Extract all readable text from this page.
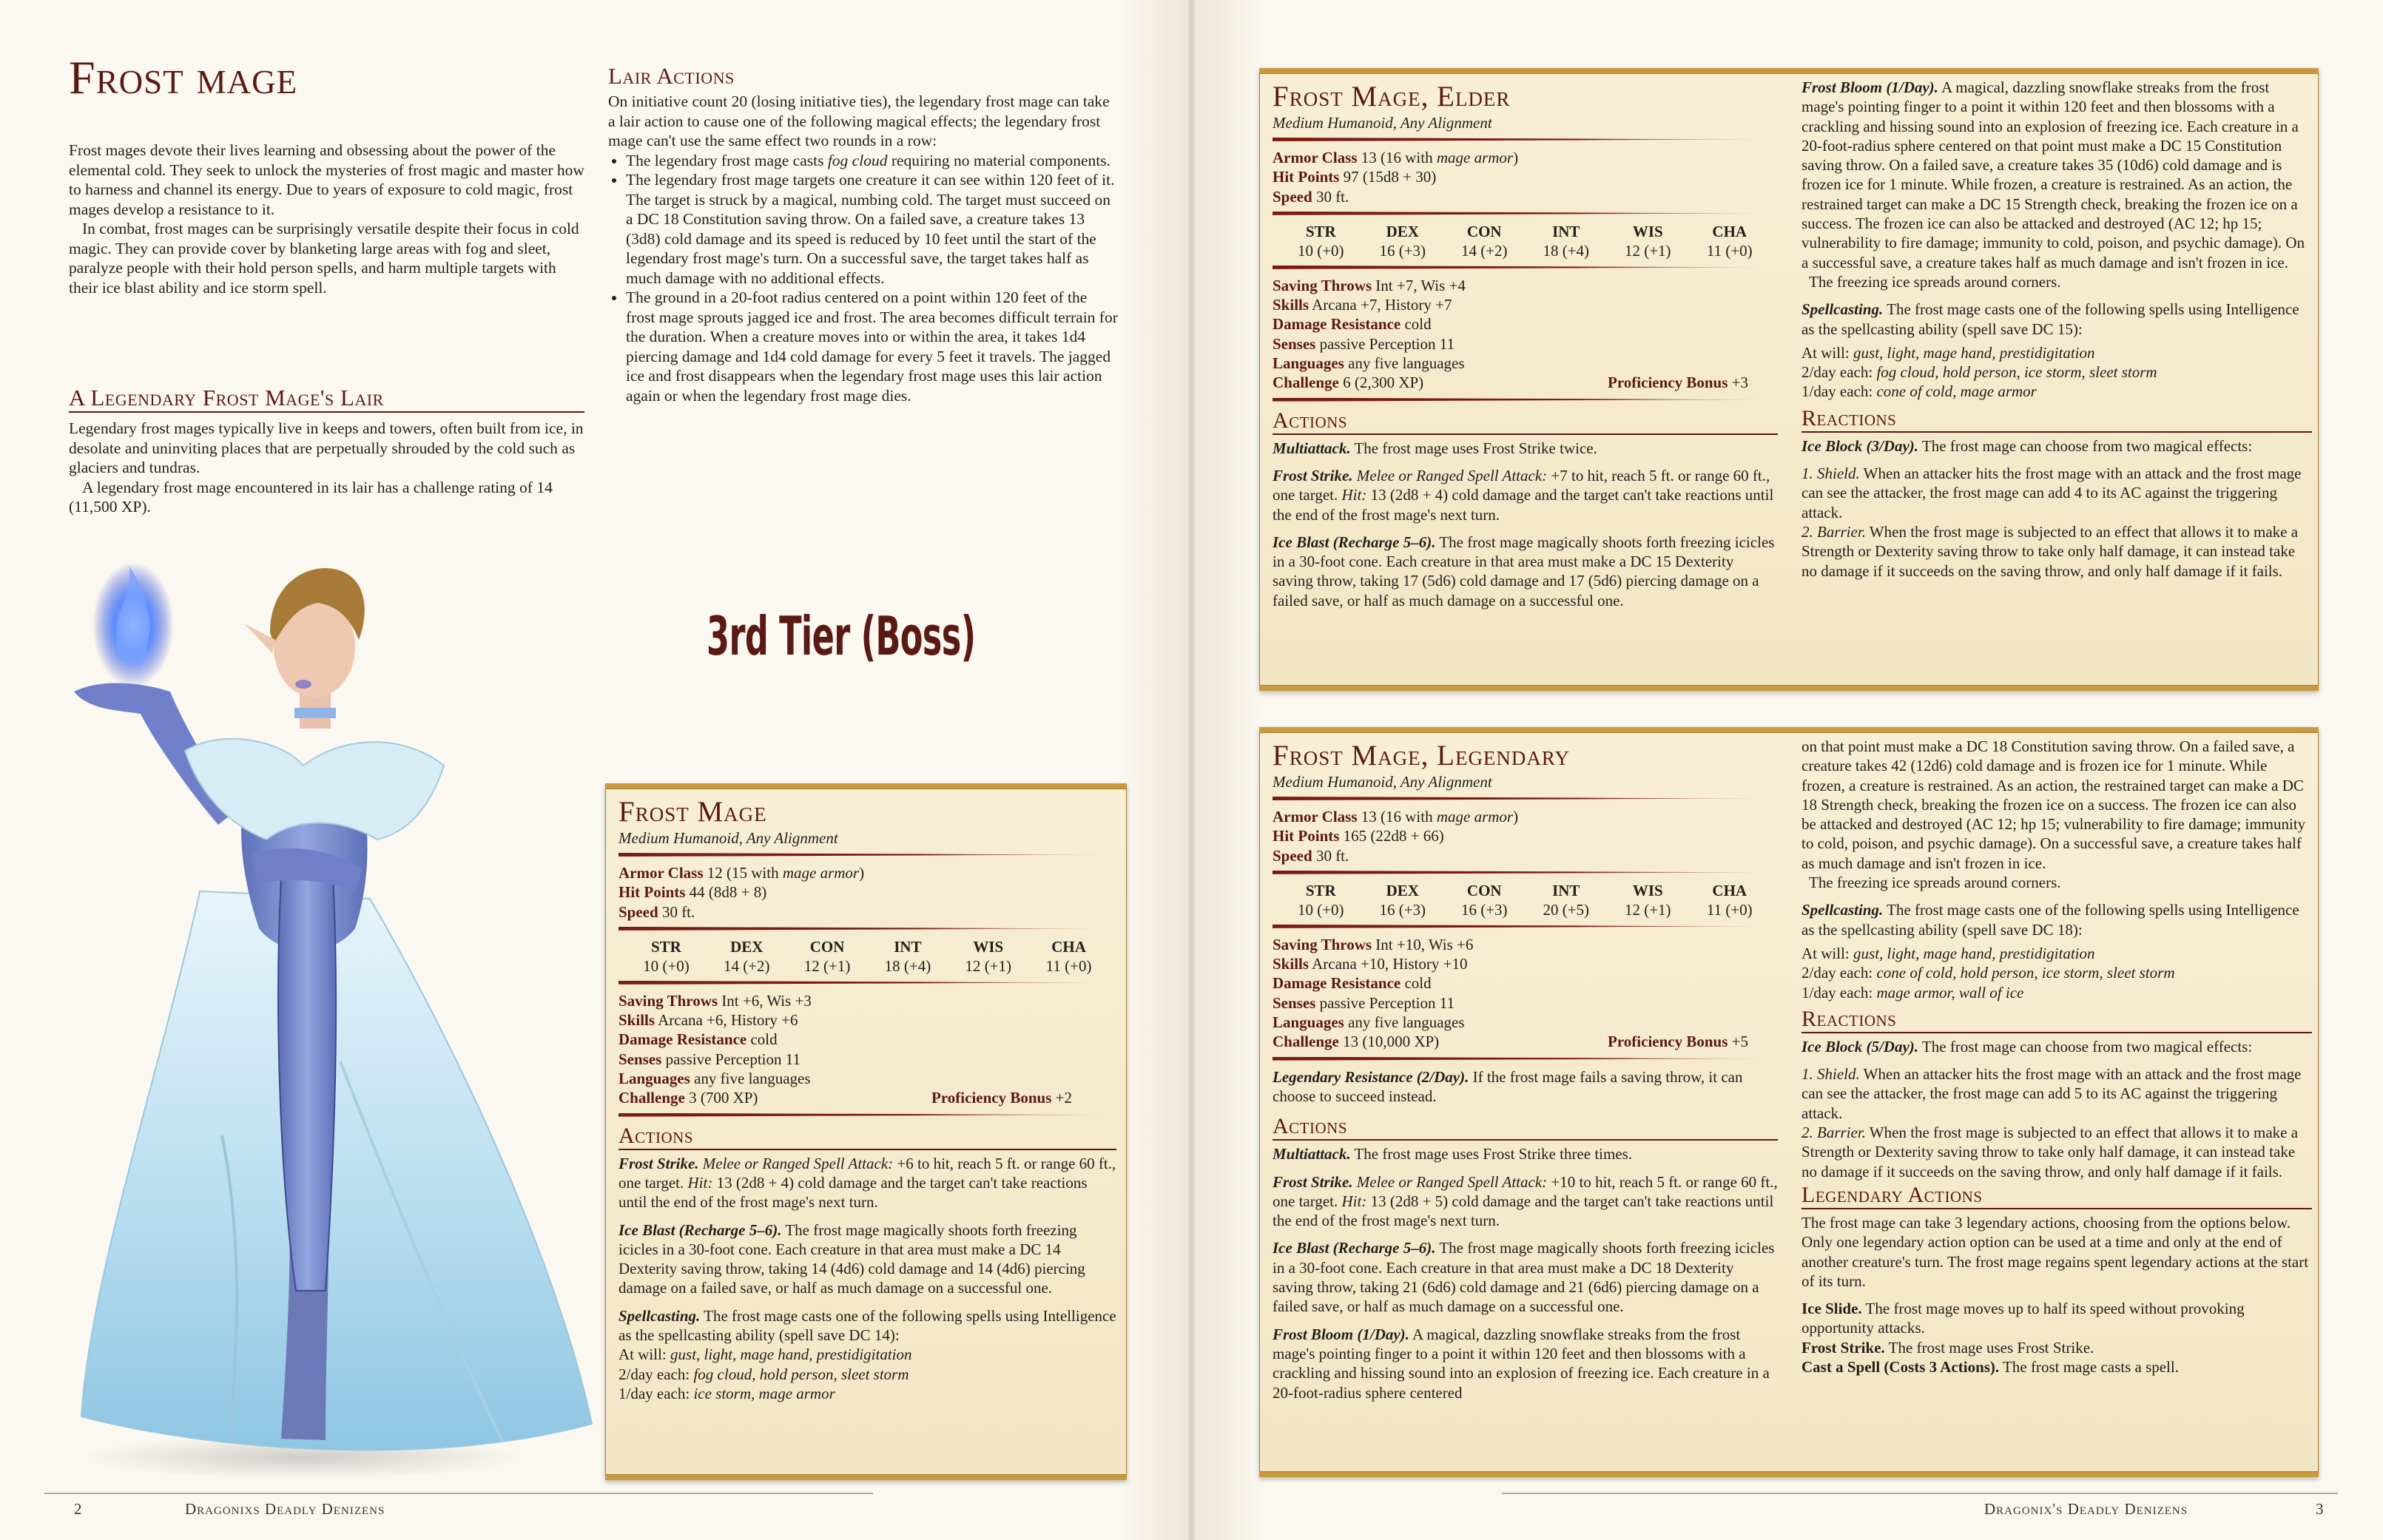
Frost mage

Frost mages devote their lives learning and obsessing about the power of the elemental cold. They seek to unlock the mysteries of frost magic and master how to harness and channel its energy. Due to years of exposure to cold magic, frost mages develop a resistance to it.

In combat, frost mages can be surprisingly versatile despite their focus in cold magic. They can provide cover by blanketing large areas with fog and sleet, paralyze people with their hold person spells, and harm multiple targets with their ice blast ability and ice storm spell.

A Legendary Frost Mage's Lair

Legendary frost mages typically live in keeps and towers, often built from ice, in desolate and uninviting places that are perpetually shrouded by the cold such as glaciers and tundras.

A legendary frost mage encountered in its lair has a challenge rating of 14 (11,500 XP).

Lair Actions

On initiative count 20 (losing initiative ties), the legendary frost mage can take a lair action to cause one of the following magical effects; the legendary frost mage can't use the same effect two rounds in a row:

• The legendary frost mage casts fog cloud requiring no material components.
• The legendary frost mage targets one creature it can see within 120 feet of it. The target is struck by a magical, numbing cold. The target must succeed on a DC 18 Constitution saving throw. On a failed save, a creature takes 13 (3d8) cold damage and its speed is reduced by 10 feet until the start of the legendary frost mage's turn. On a successful save, the target takes half as much damage with no additional effects.
• The ground in a 20-foot radius centered on a point within 120 feet of the frost mage sprouts jagged ice and frost. The area becomes difficult terrain for the duration. When a creature moves into or within the area, it takes 1d4 piercing damage and 1d4 cold damage for every 5 feet it travels. The jagged ice and frost disappears when the legendary frost mage uses this lair action again or when the legendary frost mage dies.
3rd Tier (Boss)
Frost Mage
Medium Humanoid, Any Alignment

Armor Class 12 (15 with mage armor)

Hit Points 44 (8d8 + 8)

Speed 30 ft.

STR	DEX	CON	INT	WIS	CHA
10 (+0)	14 (+2)	12 (+1)	18 (+4)	12 (+1)	11 (+0)

Saving Throws Int +6, Wis +3

Skills Arcana +6, History +6

Damage Resistance cold

Senses passive Perception 11

Languages any five languages

Challenge 3 (700 XP)	Proficiency Bonus +2
Actions

Frost Strike. Melee or Ranged Spell Attack: +6 to hit, reach 5 ft. or range 60 ft., one target. Hit: 13 (2d8 + 4) cold damage and the target can't take reactions until the end of the frost mage's next turn.

Ice Blast (Recharge 5–6). The frost mage magically shoots forth freezing icicles in a 30-foot cone. Each creature in that area must make a DC 14 Dexterity saving throw, taking 14 (4d6) cold damage and 14 (4d6) piercing damage on a failed save, or half as much damage on a successful one.

Spellcasting. The frost mage casts one of the following spells using Intelligence as the spellcasting ability (spell save DC 14):

At will: gust, light, mage hand, prestidigitation

2/day each: fog cloud, hold person, sleet storm

1/day each: ice storm, mage armor

2	Dragonixs Deadly Denizens
Frost Mage, Elder
Medium Humanoid, Any Alignment

Armor Class 13 (16 with mage armor)

Hit Points 97 (15d8 + 30)

Speed 30 ft.

STR	DEX	CON	INT	WIS	CHA
10 (+0)	16 (+3)	14 (+2)	18 (+4)	12 (+1)	11 (+0)

Saving Throws Int +7, Wis +4

Skills Arcana +7, History +7

Damage Resistance cold

Senses passive Perception 11

Languages any five languages

Challenge 6 (2,300 XP)	Proficiency Bonus +3
Actions

Multiattack. The frost mage uses Frost Strike twice.

Frost Strike. Melee or Ranged Spell Attack: +7 to hit, reach 5 ft. or range 60 ft., one target. Hit: 13 (2d8 + 4) cold damage and the target can't take reactions until the end of the frost mage's next turn.

Ice Blast (Recharge 5–6). The frost mage magically shoots forth freezing icicles in a 30-foot cone. Each creature in that area must make a DC 15 Dexterity saving throw, taking 17 (5d6) cold damage and 17 (5d6) piercing damage on a failed save, or half as much damage on a successful one.

Frost Bloom (1/Day). A magical, dazzling snowflake streaks from the frost mage's pointing finger to a point it within 120 feet and then blossoms with a crackling and hissing sound into an explosion of freezing ice. Each creature in a 20-foot-radius sphere centered on that point must make a DC 15 Constitution saving throw. On a failed save, a creature takes 35 (10d6) cold damage and is frozen ice for 1 minute. While frozen, a creature is restrained. As an action, the restrained target can make a DC 15 Strength check, breaking the frozen ice on a success. The frozen ice can also be attacked and destroyed (AC 12; hp 15; vulnerability to fire damage; immunity to cold, poison, and psychic damage). On a successful save, a creature takes half as much damage and isn't frozen in ice.

The freezing ice spreads around corners.

Spellcasting. The frost mage casts one of the following spells using Intelligence as the spellcasting ability (spell save DC 15):

At will: gust, light, mage hand, prestidigitation

2/day each: fog cloud, hold person, ice storm, sleet storm

1/day each: cone of cold, mage armor

Reactions

Ice Block (3/Day). The frost mage can choose from two magical effects:

1. Shield. When an attacker hits the frost mage with an attack and the frost mage can see the attacker, the frost mage can add 4 to its AC against the triggering attack.

2. Barrier. When the frost mage is subjected to an effect that allows it to make a Strength or Dexterity saving throw to take only half damage, it can instead take no damage if it succeeds on the saving throw, and only half damage if it fails.

Frost Mage, Legendary
Medium Humanoid, Any Alignment

Armor Class 13 (16 with mage armor)

Hit Points 165 (22d8 + 66)

Speed 30 ft.

STR	DEX	CON	INT	WIS	CHA
10 (+0)	16 (+3)	16 (+3)	20 (+5)	12 (+1)	11 (+0)

Saving Throws Int +10, Wis +6

Skills Arcana +10, History +10

Damage Resistance cold

Senses passive Perception 11

Languages any five languages

Challenge 13 (10,000 XP)	Proficiency Bonus +5

Legendary Resistance (2/Day). If the frost mage fails a saving throw, it can choose to succeed instead.

Actions

Multiattack. The frost mage uses Frost Strike three times.

Frost Strike. Melee or Ranged Spell Attack: +10 to hit, reach 5 ft. or range 60 ft., one target. Hit: 13 (2d8 + 5) cold damage and the target can't take reactions until the end of the frost mage's next turn.

Ice Blast (Recharge 5–6). The frost mage magically shoots forth freezing icicles in a 30-foot cone. Each creature in that area must make a DC 18 Dexterity saving throw, taking 21 (6d6) cold damage and 21 (6d6) piercing damage on a failed save, or half as much damage on a successful one.

Frost Bloom (1/Day). A magical, dazzling snowflake streaks from the frost mage's pointing finger to a point it within 120 feet and then blossoms with a crackling and hissing sound into an explosion of freezing ice. Each creature in a 20-foot-radius sphere centered

on that point must make a DC 18 Constitution saving throw. On a failed save, a creature takes 42 (12d6) cold damage and is frozen ice for 1 minute. While frozen, a creature is restrained. As an action, the restrained target can make a DC 18 Strength check, breaking the frozen ice on a success. The frozen ice can also be attacked and destroyed (AC 12; hp 15; vulnerability to fire damage; immunity to cold, poison, and psychic damage). On a successful save, a creature takes half as much damage and isn't frozen in ice.

The freezing ice spreads around corners.

Spellcasting. The frost mage casts one of the following spells using Intelligence as the spellcasting ability (spell save DC 18):

At will: gust, light, mage hand, prestidigitation

2/day each: cone of cold, hold person, ice storm, sleet storm

1/day each: mage armor, wall of ice

Reactions

Ice Block (5/Day). The frost mage can choose from two magical effects:

1. Shield. When an attacker hits the frost mage with an attack and the frost mage can see the attacker, the frost mage can add 5 to its AC against the triggering attack.

2. Barrier. When the frost mage is subjected to an effect that allows it to make a Strength or Dexterity saving throw to take only half damage, it can instead take no damage if it succeeds on the saving throw, and only half damage if it fails.

Legendary Actions

The frost mage can take 3 legendary actions, choosing from the options below. Only one legendary action option can be used at a time and only at the end of another creature's turn. The frost mage regains spent legendary actions at the start of its turn.

Ice Slide. The frost mage moves up to half its speed without provoking opportunity attacks.

Frost Strike. The frost mage uses Frost Strike.

Cast a Spell (Costs 3 Actions). The frost mage casts a spell.

Dragonix's Deadly Denizens	3
